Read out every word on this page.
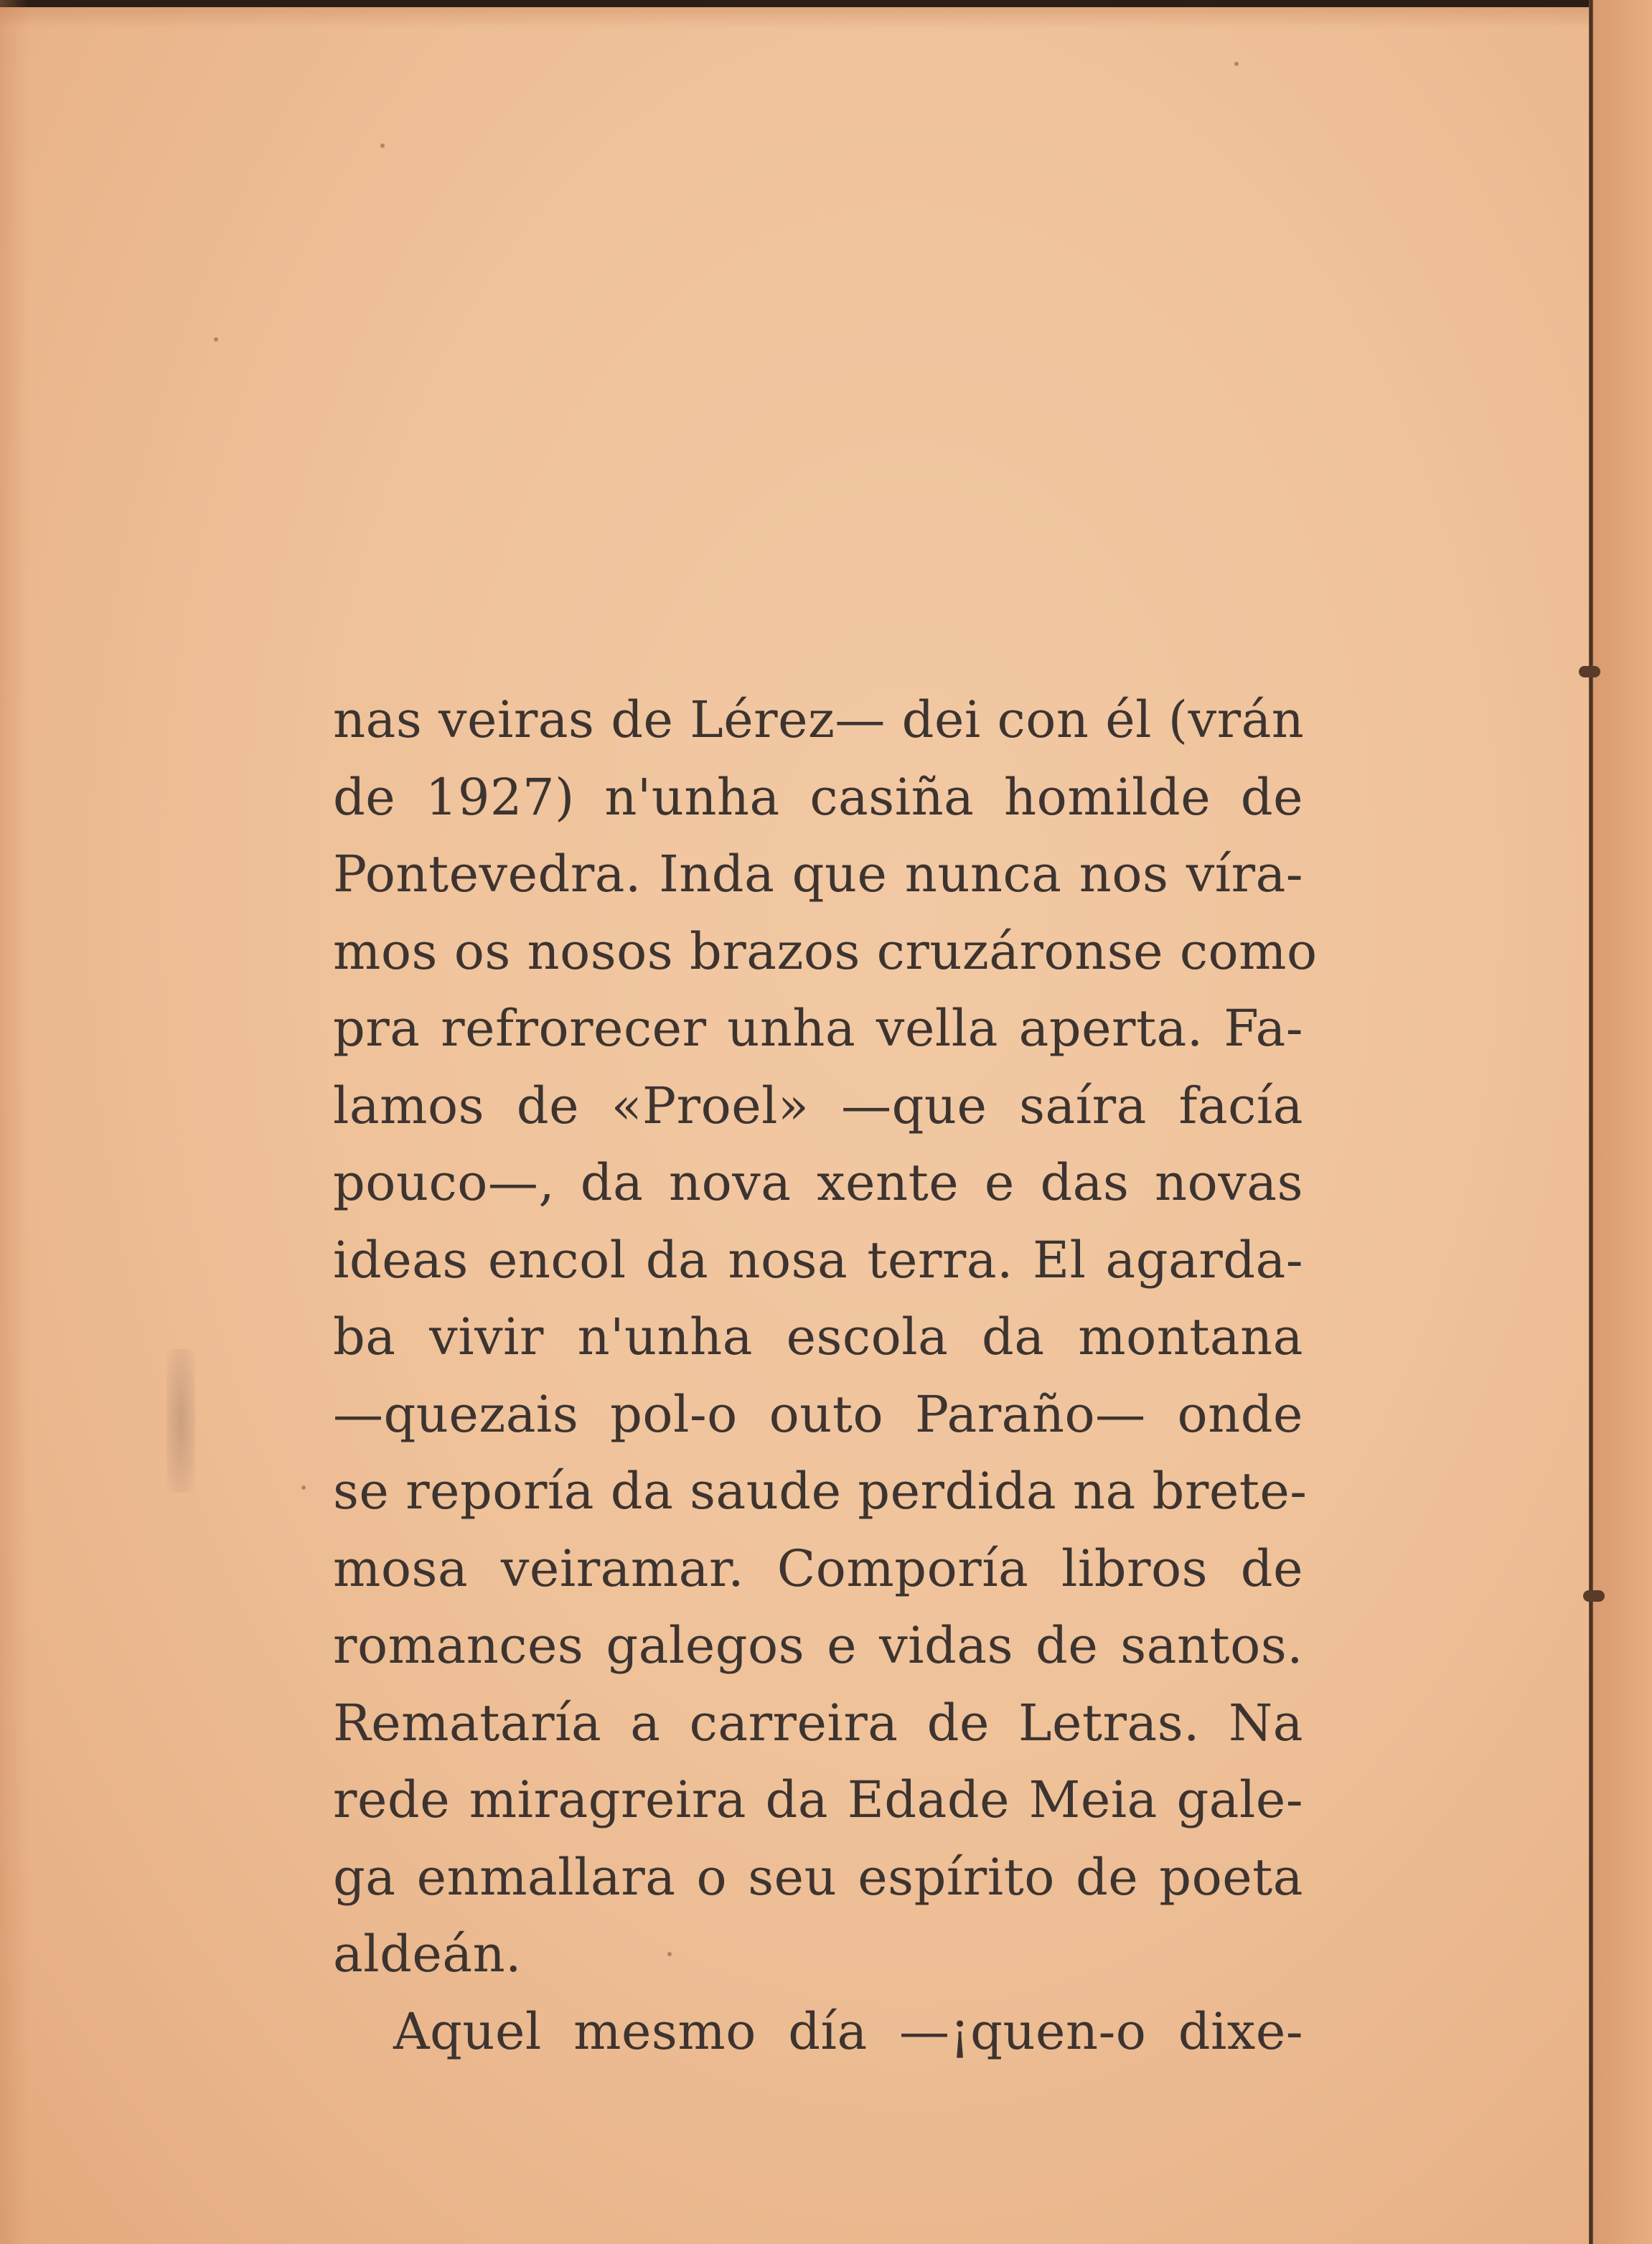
nas veiras de Lérez— dei con él (vrán
de 1927) n'unha casiña homilde de
Pontevedra. Inda que nunca nos víra-
mos os nosos brazos cruzáronse como
pra refrorecer unha vella aperta. Fa-
lamos de «Proel» —que saíra facía
pouco—, da nova xente e das novas
ideas encol da nosa terra. El agarda-
ba vivir n'unha escola da montana
—quezais pol-o outo Paraño— onde
se reporía da saude perdida na brete-
mosa veiramar. Comporía libros de
romances galegos e vidas de santos.
Remataría a carreira de Letras. Na
rede miragreira da Edade Meia gale-
ga enmallara o seu espírito de poeta
aldeán.
Aquel mesmo día —¡quen-o dixe-
